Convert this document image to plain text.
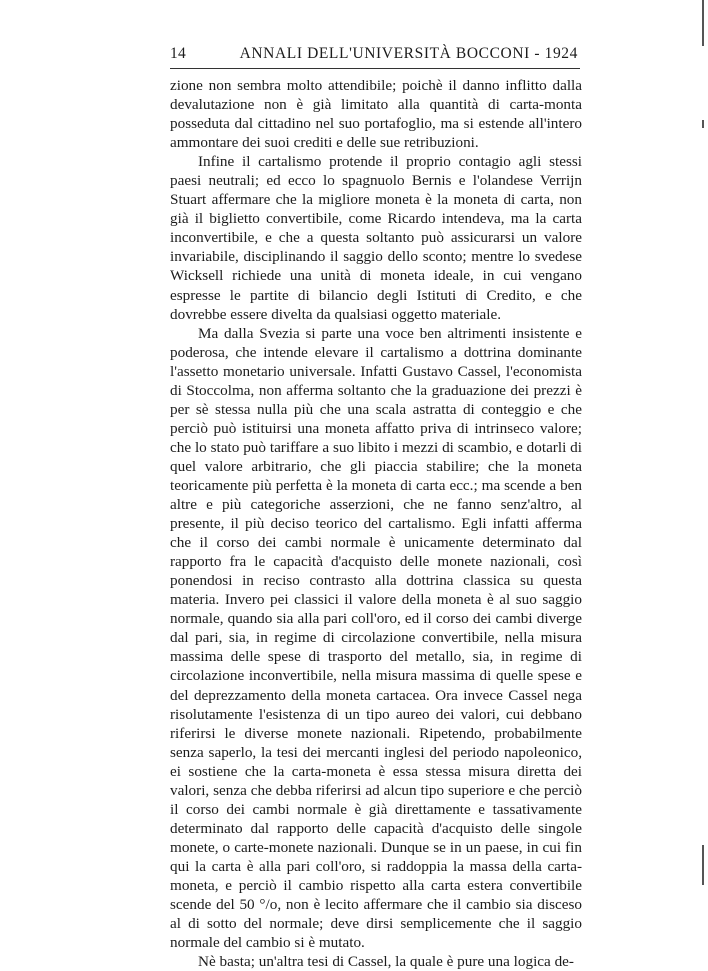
14	ANNALI DELL'UNIVERSITÀ BOCCONI - 1924

zione non sembra molto attendibile; poichè il danno inflitto dalla devalutazione non è già limitato alla quantità di carta-monta posseduta dal cittadino nel suo portafoglio, ma si estende all'intero ammontare dei suoi crediti e delle sue retribuzioni.

Infine il cartalismo protende il proprio contagio agli stessi paesi neutrali; ed ecco lo spagnuolo Bernis e l'olandese Verrijn Stuart affermare che la migliore moneta è la moneta di carta, non già il biglietto convertibile, come Ricardo intendeva, ma la carta inconvertibile, e che a questa soltanto può assicurarsi un valore invariabile, disciplinando il saggio dello sconto; mentre lo svedese Wicksell richiede una unità di moneta ideale, in cui vengano espresse le partite di bilancio degli Istituti di Credito, e che dovrebbe essere divelta da qualsiasi oggetto materiale.

Ma dalla Svezia si parte una voce ben altrimenti insistente e poderosa, che intende elevare il cartalismo a dottrina dominante l'assetto monetario universale. Infatti Gustavo Cassel, l'economista di Stoccolma, non afferma soltanto che la graduazione dei prezzi è per sè stessa nulla più che una scala astratta di conteggio e che perciò può istituirsi una moneta affatto priva di intrinseco valore; che lo stato può tariffare a suo libito i mezzi di scambio, e dotarli di quel valore arbitrario, che gli piaccia stabilire; che la moneta teoricamente più perfetta è la moneta di carta ecc.; ma scende a ben altre e più categoriche asserzioni, che ne fanno senz'altro, al presente, il più deciso teorico del cartalismo. Egli infatti afferma che il corso dei cambi normale è unicamente determinato dal rapporto fra le capacità d'acquisto delle monete nazionali, così ponendosi in reciso contrasto alla dottrina classica su questa materia. Invero pei classici il valore della moneta è al suo saggio normale, quando sia alla pari coll'oro, ed il corso dei cambi diverge dal pari, sia, in regime di circolazione convertibile, nella misura massima delle spese di trasporto del metallo, sia, in regime di circolazione inconvertibile, nella misura massima di quelle spese e del deprezzamento della moneta cartacea. Ora invece Cassel nega risolutamente l'esistenza di un tipo aureo dei valori, cui debbano riferirsi le diverse monete nazionali. Ripetendo, probabilmente senza saperlo, la tesi dei mercanti inglesi del periodo napoleonico, ei sostiene che la carta-moneta è essa stessa misura diretta dei valori, senza che debba riferirsi ad alcun tipo superiore e che perciò il corso dei cambi normale è già direttamente e tassativamente determinato dal rapporto delle capacità d'acquisto delle singole monete, o carte-monete nazionali. Dunque se in un paese, in cui fin qui la carta è alla pari coll'oro, si raddoppia la massa della carta-moneta, e perciò il cambio rispetto alla carta estera convertibile scende del 50 °/o, non è lecito affermare che il cambio sia disceso al di sotto del normale; deve dirsi semplicemente che il saggio normale del cambio si è mutato.

Nè basta; un'altra tesi di Cassel, la quale è pure una logica de-
